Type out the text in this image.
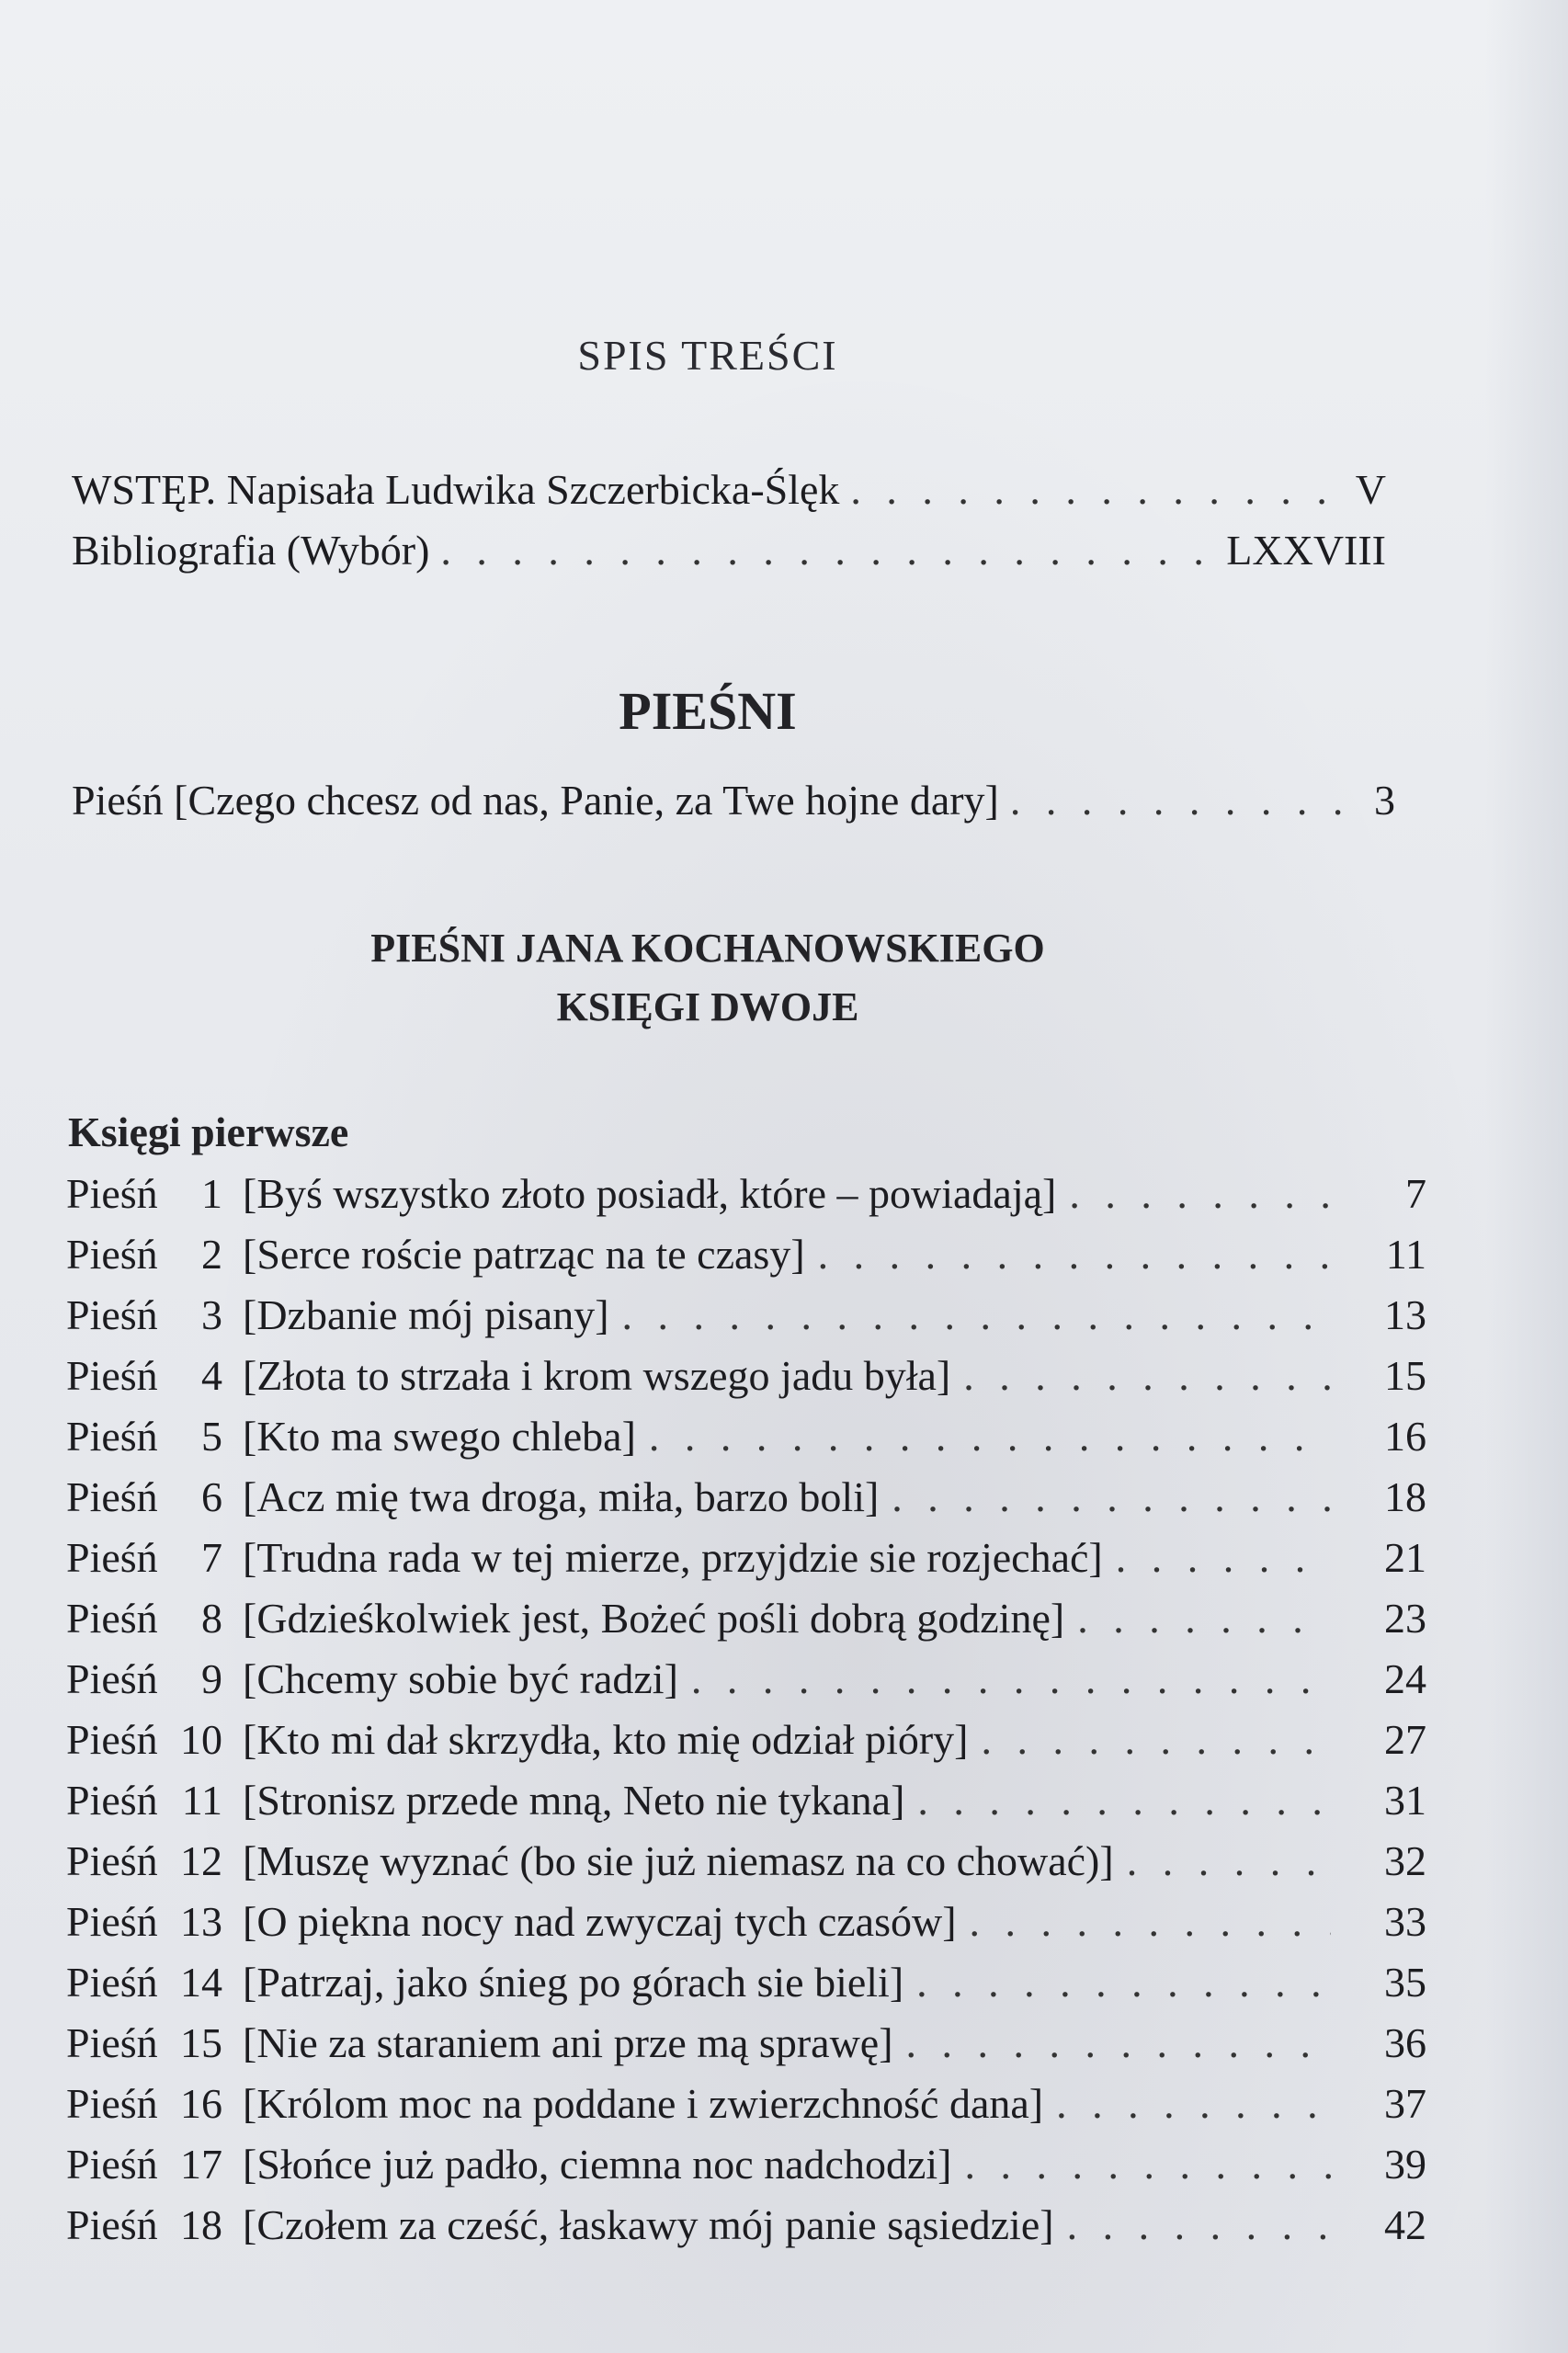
SPIS TREŚCI
WSTĘP. Napisała Ludwika Szczerbicka-Ślęk . . .	V
Bibliografia (Wybór) . . .	LXXVIII
PIEŚNI
Pieśń [Czego chcesz od nas, Panie, za Twe hojne dary] . . .	3
PIEŚNI JANA KOCHANOWSKIEGO
KSIĘGI DWOJE
Księgi pierwsze
Pieśń	1 [Byś wszystko złoto posiadł, które – powiadają] . . .	7
Pieśń	2 [Serce roście patrząc na te czasy] . . .	11
Pieśń	3 [Dzbanie mój pisany] . . .	13
Pieśń	4 [Złota to strzała i krom wszego jadu była] . . .	15
Pieśń	5 [Kto ma swego chleba] . . .	16
Pieśń	6 [Acz mię twa droga, miła, barzo boli] . . .	18
Pieśń	7 [Trudna rada w tej mierze, przyjdzie sie rozjechać] . . .	21
Pieśń	8 [Gdzieśkolwiek jest, Bożeć pośli dobrą godzinę] . . .	23
Pieśń	9 [Chcemy sobie być radzi] . . .	24
Pieśń 10 [Kto mi dał skrzydła, kto mię odział pióry] . . .	27
Pieśń 11 [Stronisz przede mną, Neto nie tykana] . . .	31
Pieśń 12 [Muszę wyznać (bo sie już niemasz na co chować)] . . .	32
Pieśń 13 [O piękna nocy nad zwyczaj tych czasów] . . .	33
Pieśń 14 [Patrzaj, jako śnieg po górach sie bieli] . . .	35
Pieśń 15 [Nie za staraniem ani prze mą sprawę] . . .	36
Pieśń 16 [Królom moc na poddane i zwierzchność dana] . . .	37
Pieśń 17 [Słońce już padło, ciemna noc nadchodzi] . . .	39
Pieśń 18 [Czołem za cześć, łaskawy mój panie sąsiedzie] . . .	42
